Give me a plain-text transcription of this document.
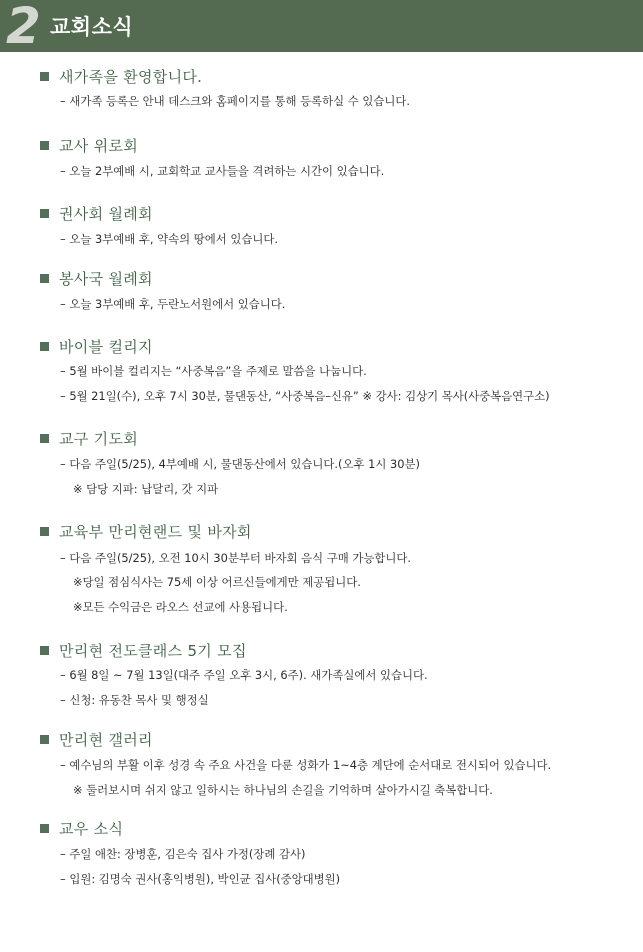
2 교회소식
새가족을 환영합니다.
– 새가족 등록은 안내 데스크와 홈페이지를 통해 등록하실 수 있습니다.
교사 위로회
– 오늘 2부예배 시, 교회학교 교사들을 격려하는 시간이 있습니다.
권사회 월례회
– 오늘 3부예배 후, 약속의 땅에서 있습니다.
봉사국 월례회
– 오늘 3부예배 후, 두란노서원에서 있습니다.
바이블 컬리지
– 5월 바이블 컬리지는 “사중복음”을 주제로 말씀을 나눕니다.
– 5월 21일(수), 오후 7시 30분, 물댄동산, “사중복음–신유” ※ 강사: 김상기 목사(사중복음연구소)
교구 기도회
– 다음 주일(5/25), 4부예배 시, 물댄동산에서 있습니다.(오후 1시 30분)
※ 담당 지파: 납달리, 갓 지파
교육부 만리현랜드 및 바자회
– 다음 주일(5/25), 오전 10시 30분부터 바자회 음식 구매 가능합니다.
※당일 점심식사는 75세 이상 어르신들에게만 제공됩니다.
※모든 수익금은 라오스 선교에 사용됩니다.
만리현 전도클래스 5기 모집
– 6월 8일 ~ 7월 13일(대주 주일 오후 3시, 6주). 새가족실에서 있습니다.
– 신청: 유동찬 목사 및 행정실
만리현 갤러리
– 예수님의 부활 이후 성경 속 주요 사건을 다룬 성화가 1~4층 계단에 순서대로 전시되어 있습니다.
※ 둘러보시며 쉬지 않고 일하시는 하나님의 손길을 기억하며 살아가시길 축복합니다.
교우 소식
– 주일 애찬: 장병훈, 김은숙 집사 가정(장례 감사)
– 입원: 김명숙 권사(홍익병원), 박인균 집사(중앙대병원)
